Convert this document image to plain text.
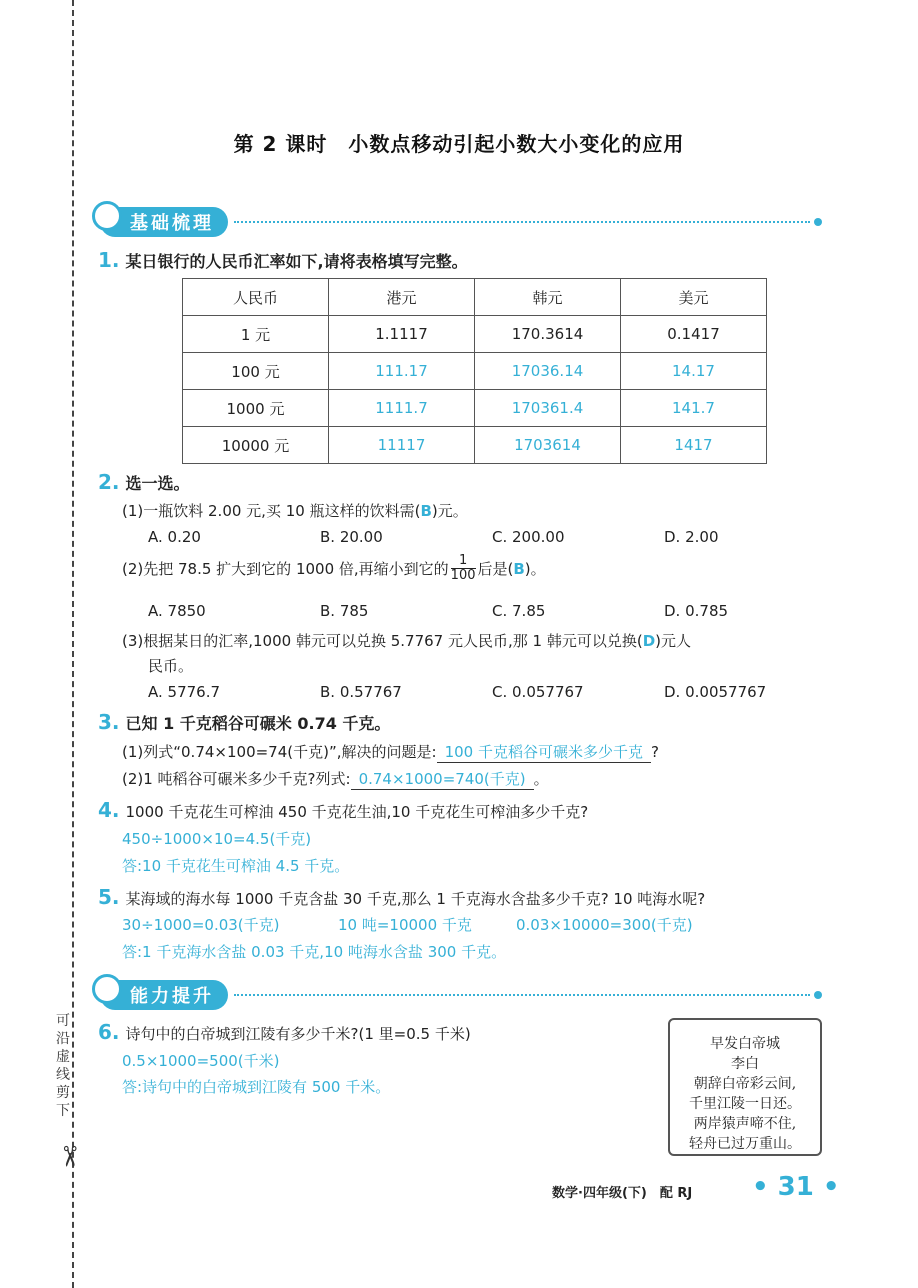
可沿虚线剪下
✂
第 2 课时　小数点移动引起小数大小变化的应用
基础梳理
1. 某日银行的人民币汇率如下,请将表格填写完整。
人民币	港元	韩元	美元
1 元	1.1117	170.3614	0.1417
100 元	111.17	17036.14	14.17
1000 元	1111.7	170361.4	141.7
10000 元	11117	1703614	1417
2. 选一选。
(1)一瓶饮料 2.00 元,买 10 瓶这样的饮料需(B)元。
A. 0.20	B. 20.00	C. 200.00	D. 2.00
(2)先把 78.5 扩大到它的 1000 倍,再缩小到它的 1
100 后是( B )。
A. 7850	B. 785	C. 7.85	D. 0.785
(3)根据某日的汇率,1000 韩元可以兑换 5.7767 元人民币,那 1 韩元可以兑换(D)元人
民币。
A. 5776.7	B. 0.57767	C. 0.057767	D. 0.0057767
3. 已知 1 千克稻谷可碾米 0.74 千克。
(1)列式“0.74×100=74(千克)”,解决的问题是: 100 千克稻谷可碾米多少千克 ?
(2)1 吨稻谷可碾米多少千克?列式: 0.74×1000=740(千克) 。
4. 1000 千克花生可榨油 450 千克花生油,10 千克花生可榨油多少千克?
450÷1000×10=4.5(千克)
答:10 千克花生可榨油 4.5 千克。
5. 某海域的海水每 1000 千克含盐 30 千克,那么 1 千克海水含盐多少千克? 10 吨海水呢?
30÷1000=0.03(千克)	10 吨=10000 千克	0.03×10000=300(千克)
答:1 千克海水含盐 0.03 千克,10 吨海水含盐 300 千克。
能力提升
6. 诗句中的白帝城到江陵有多少千米?(1 里=0.5 千米)
0.5×1000=500(千米)
答:诗句中的白帝城到江陵有 500 千米。
早发白帝城
李白
朝辞白帝彩云间,
千里江陵一日还。
两岸猿声啼不住,
轻舟已过万重山。
数学·四年级(下)　配 RJ • 31 •
